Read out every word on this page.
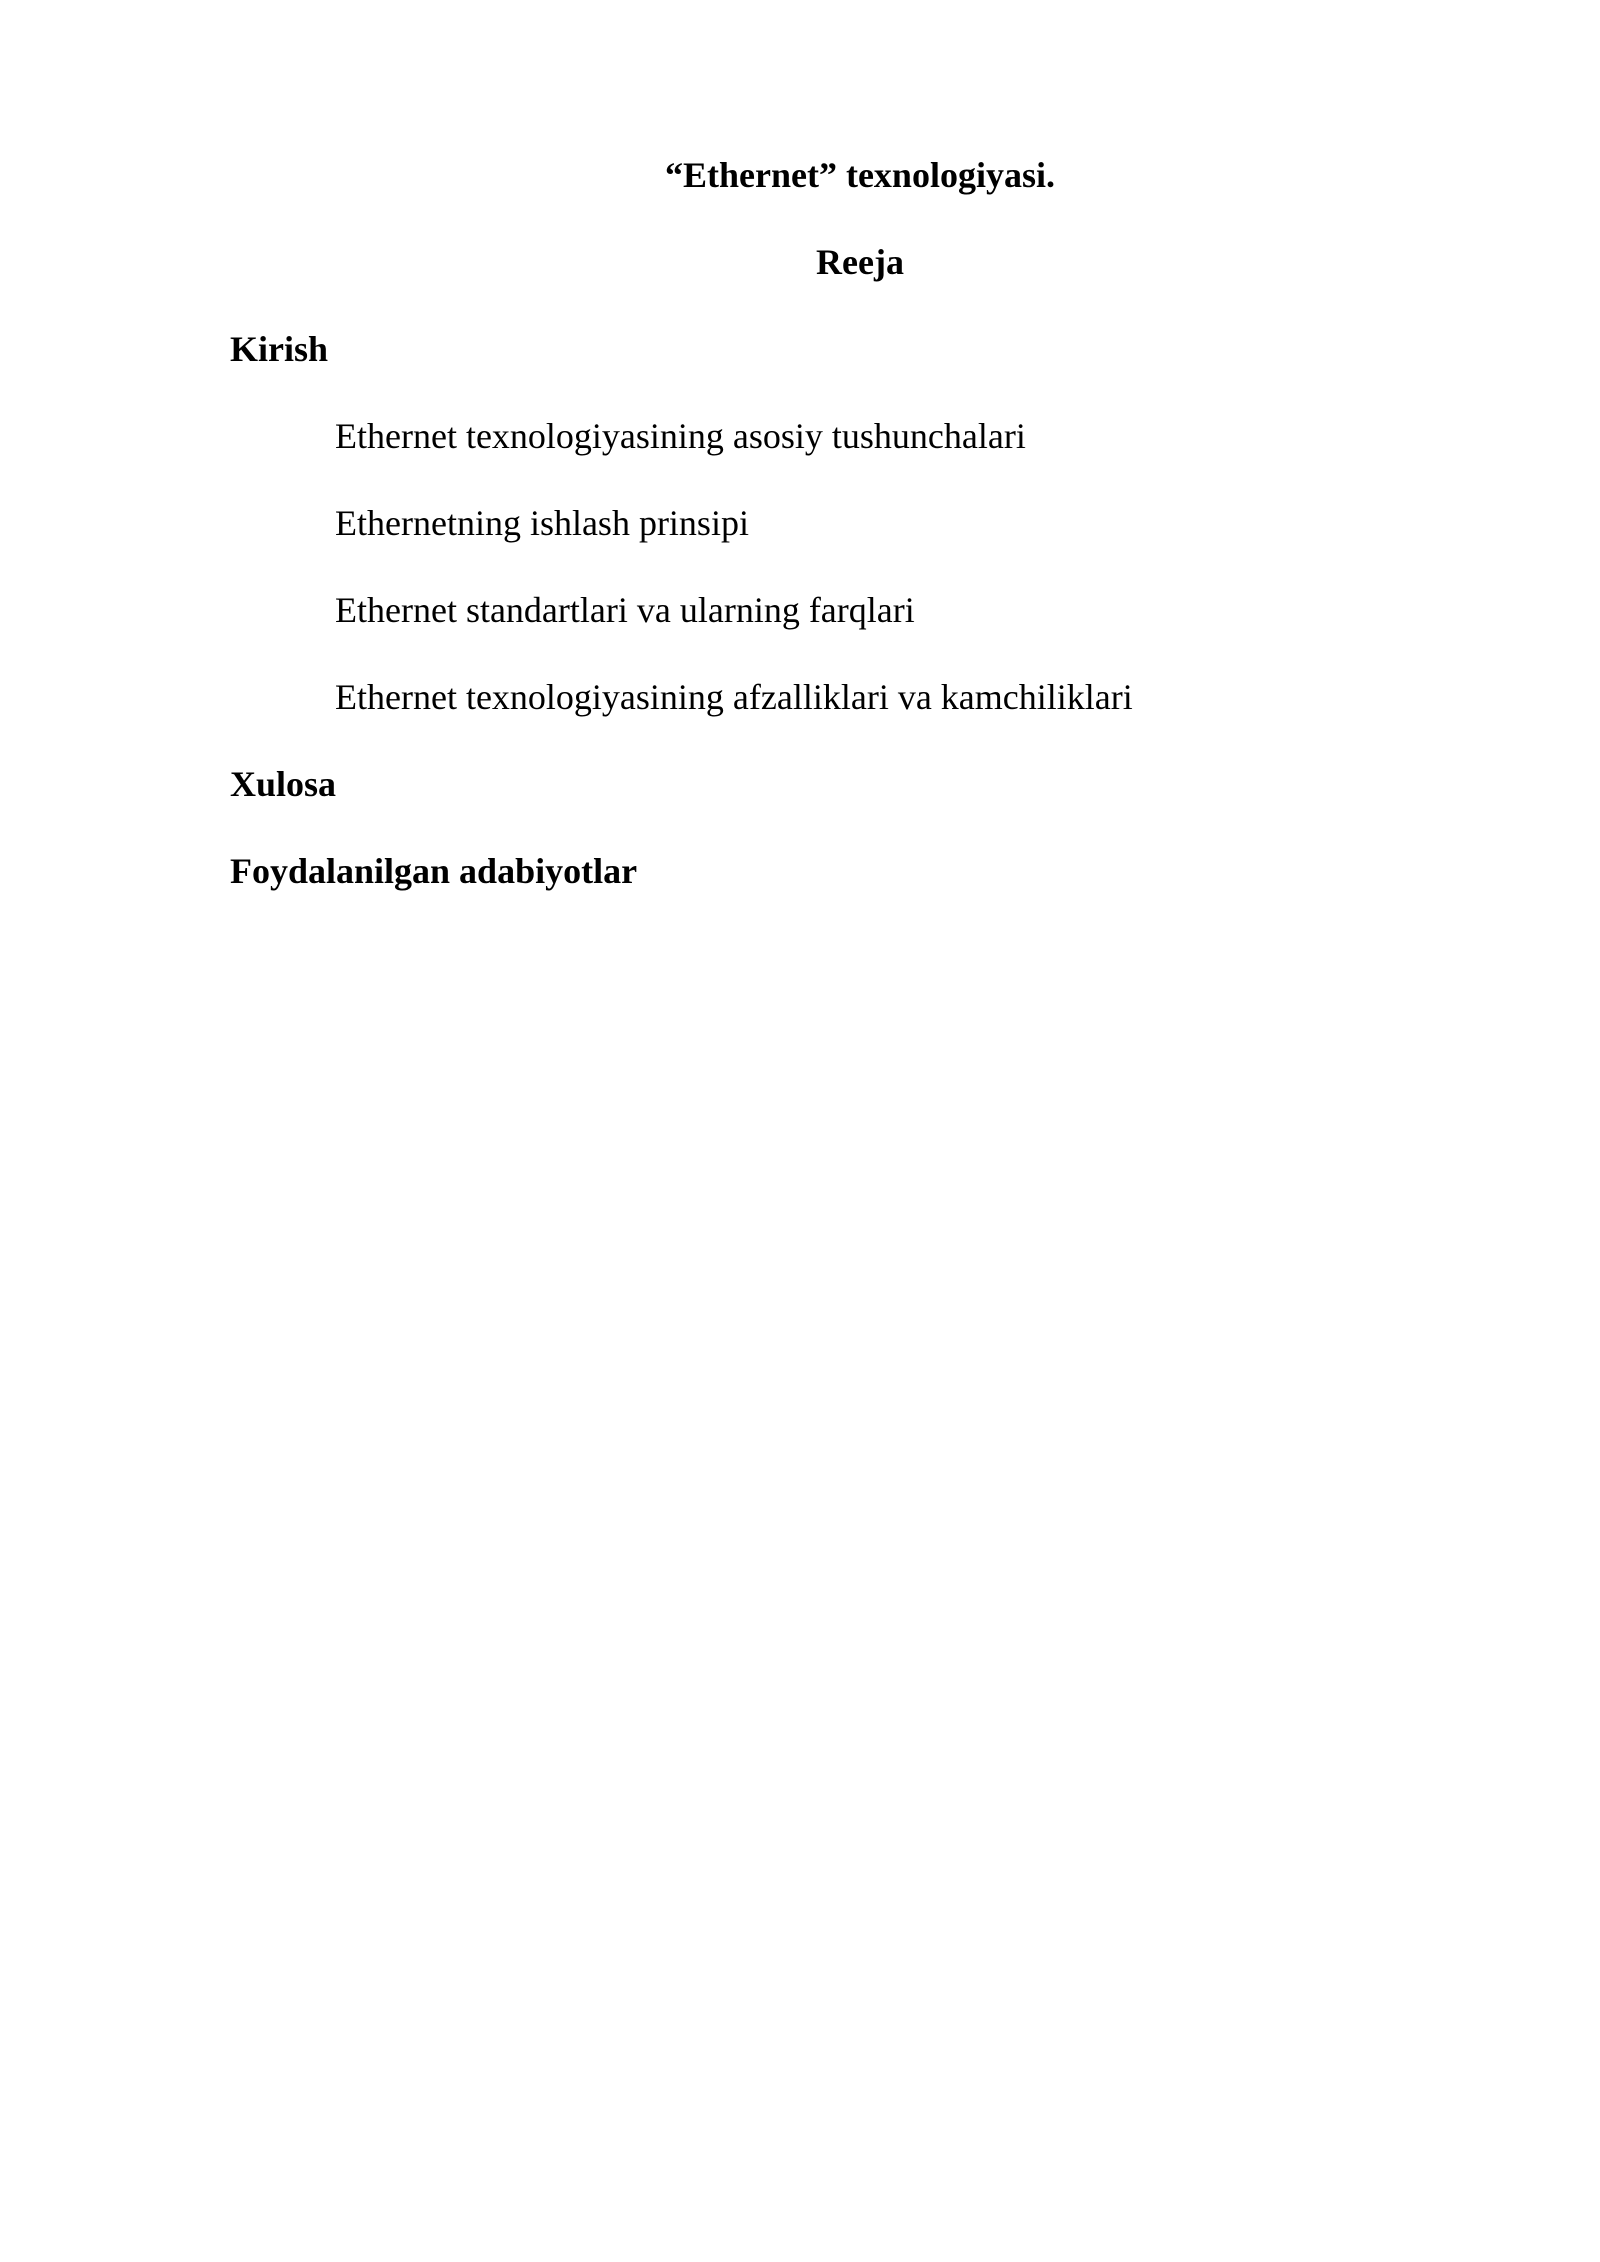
“Ethernet” texnologiyasi.
Reeja
Kirish
Ethernet texnologiyasining asosiy tushunchalari
Ethernetning ishlash prinsipi
Ethernet standartlari va ularning farqlari
Ethernet texnologiyasining afzalliklari va kamchiliklari
Xulosa
Foydalanilgan adabiyotlar
